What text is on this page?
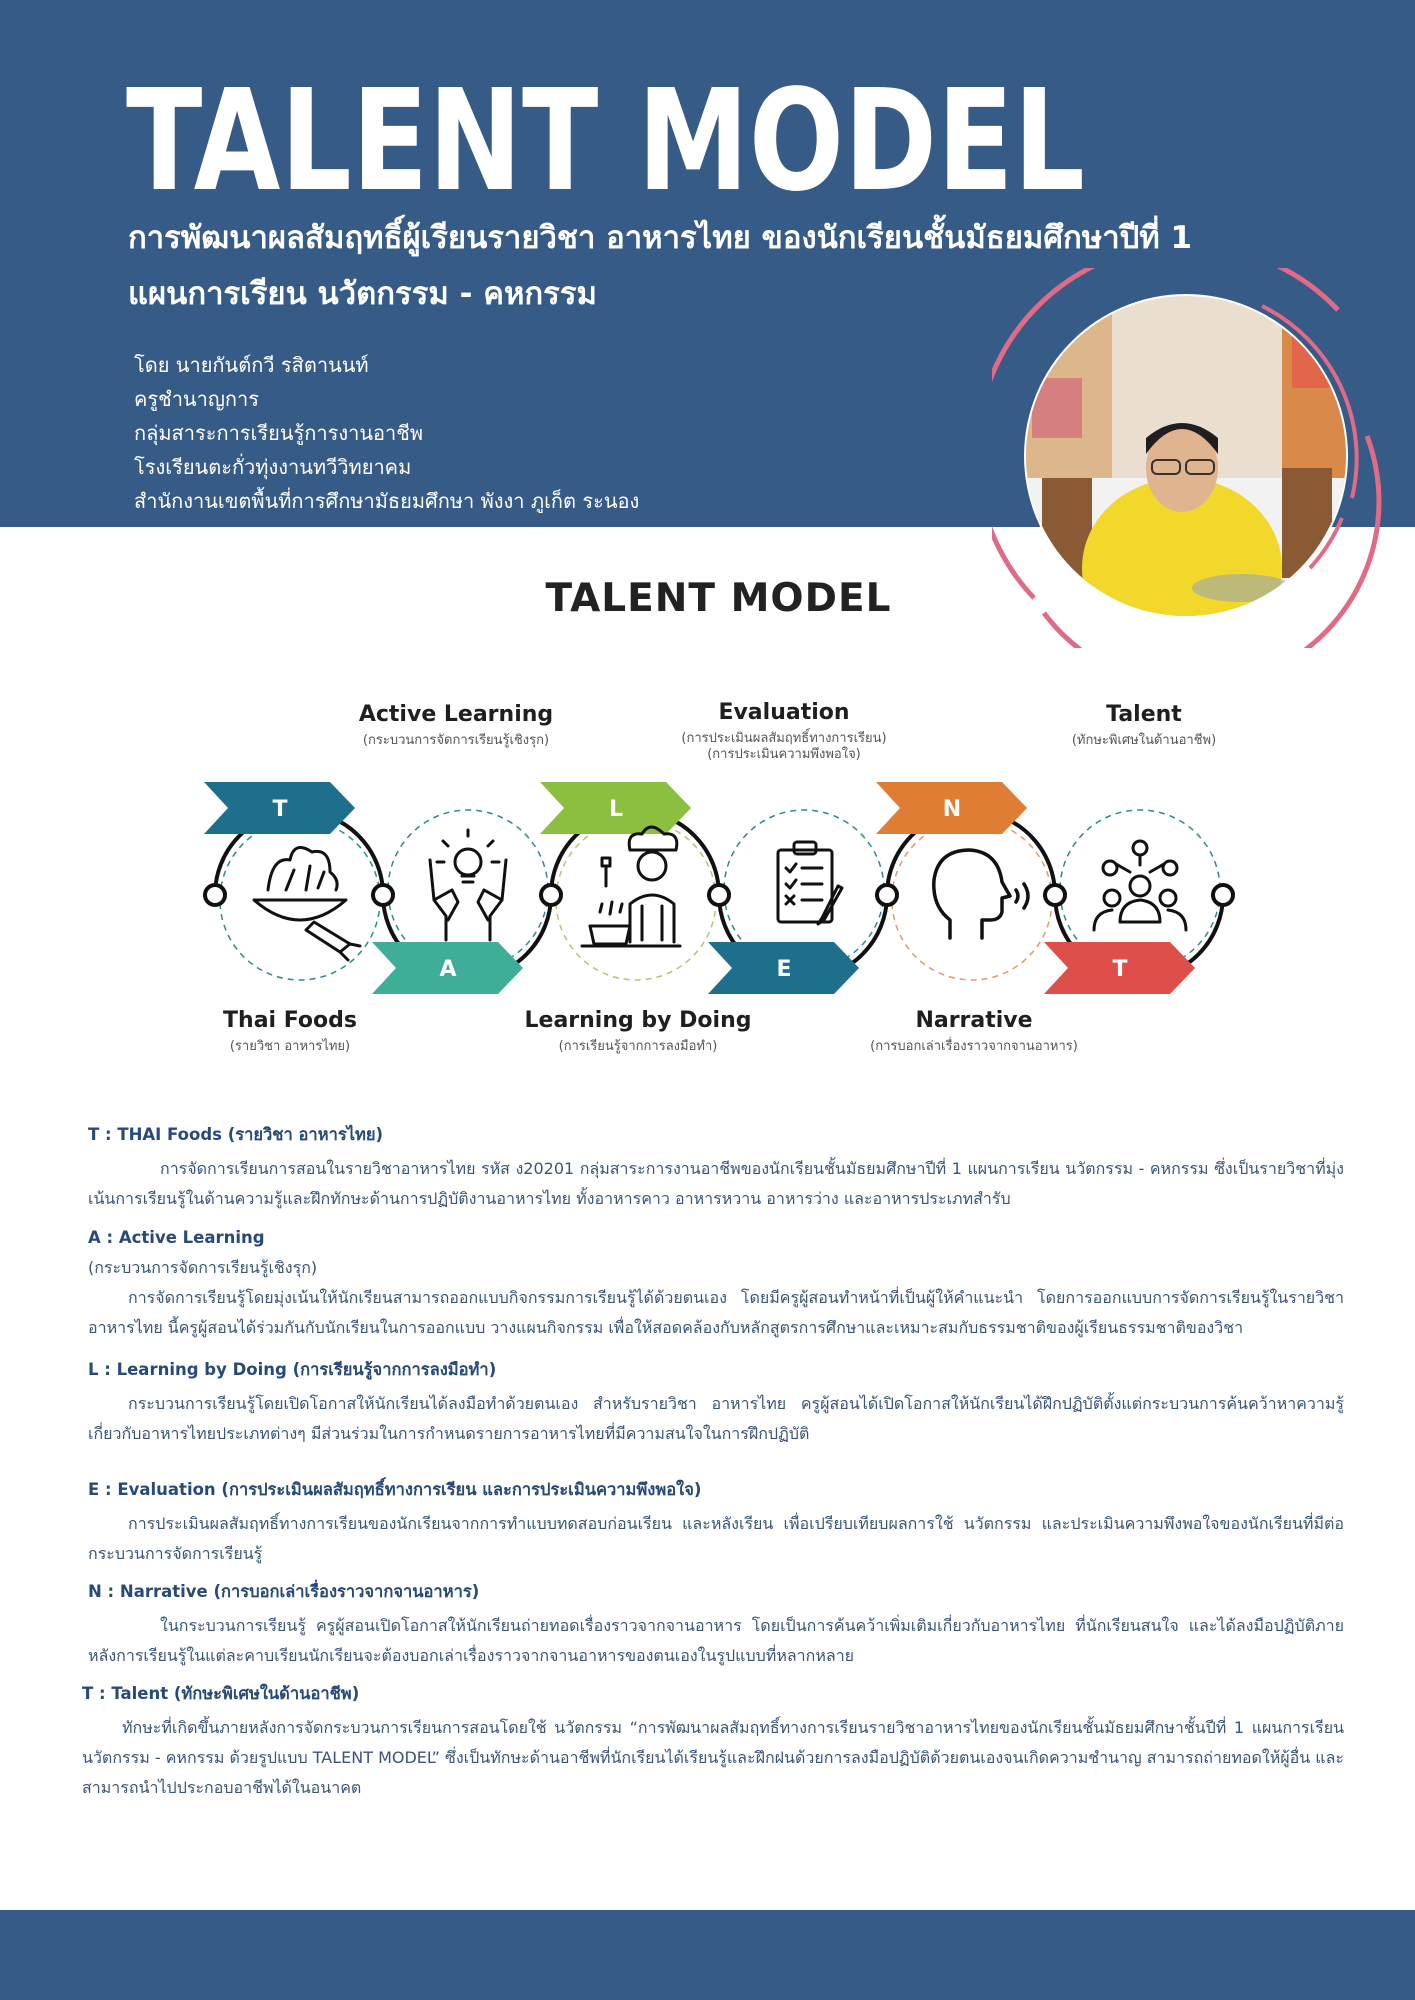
TALENT MODEL
การพัฒนาผลสัมฤทธิ์ผู้เรียนรายวิชา อาหารไทย ของนักเรียนชั้นมัธยมศึกษาปีที่ 1
แผนการเรียน นวัตกรรม - คหกรรม
โดย นายกันต์กวี รสิตานนท์
ครูชำนาญการ
กลุ่มสาระการเรียนรู้การงานอาชีพ
โรงเรียนตะกั่วทุ่งงานทวีวิทยาคม
สำนักงานเขตพื้นที่การศึกษามัธยมศึกษา พังงา ภูเก็ต ระนอง
TALENT MODEL
T
A
L
E
N
T
Active Learning
(กระบวนการจัดการเรียนรู้เชิงรุก)
Evaluation
(การประเมินผลสัมฤทธิ์ทางการเรียน)
(การประเมินความพึงพอใจ)
Talent
(ทักษะพิเศษในด้านอาชีพ)
Thai Foods
(รายวิชา อาหารไทย)
Learning by Doing
(การเรียนรู้จากการลงมือทำ)
Narrative
(การบอกเล่าเรื่องราวจากจานอาหาร)

T : THAI Foods (รายวิชา อาหารไทย)

การจัดการเรียนการสอนในรายวิชาอาหารไทย รหัส ง20201 กลุ่มสาระการงานอาชีพของนักเรียนชั้นมัธยมศึกษาปีที่ 1 แผนการเรียน นวัตกรรม - คหกรรม ซึ่งเป็นรายวิชาที่มุ่งเน้นการเรียนรู้ในด้านความรู้และฝึกทักษะด้านการปฏิบัติงานอาหารไทย ทั้งอาหารคาว อาหารหวาน อาหารว่าง และอาหารประเภทสำรับ

A : Active Learning

(กระบวนการจัดการเรียนรู้เชิงรุก)

การจัดการเรียนรู้โดยมุ่งเน้นให้นักเรียนสามารถออกแบบกิจกรรมการเรียนรู้ได้ด้วยตนเอง โดยมีครูผู้สอนทำหน้าที่เป็นผู้ให้คำแนะนำ โดยการออกแบบการจัดการเรียนรู้ในรายวิชา อาหารไทย นี้ครูผู้สอนได้ร่วมกันกับนักเรียนในการออกแบบ วางแผนกิจกรรม เพื่อให้สอดคล้องกับหลักสูตรการศึกษาและเหมาะสมกับธรรมชาติของผู้เรียนธรรมชาติของวิชา

L : Learning by Doing (การเรียนรู้จากการลงมือทำ)

กระบวนการเรียนรู้โดยเปิดโอกาสให้นักเรียนได้ลงมือทำด้วยตนเอง สำหรับรายวิชา อาหารไทย ครูผู้สอนได้เปิดโอกาสให้นักเรียนได้ฝึกปฏิบัติตั้งแต่กระบวนการค้นคว้าหาความรู้เกี่ยวกับอาหารไทยประเภทต่างๆ มีส่วนร่วมในการกำหนดรายการอาหารไทยที่มีความสนใจในการฝึกปฏิบัติ

E : Evaluation (การประเมินผลสัมฤทธิ์ทางการเรียน และการประเมินความพึงพอใจ)

การประเมินผลสัมฤทธิ์ทางการเรียนของนักเรียนจากการทำแบบทดสอบก่อนเรียน และหลังเรียน เพื่อเปรียบเทียบผลการใช้ นวัตกรรม และประเมินความพึงพอใจของนักเรียนที่มีต่อกระบวนการจัดการเรียนรู้

N : Narrative (การบอกเล่าเรื่องราวจากจานอาหาร)

ในกระบวนการเรียนรู้ ครูผู้สอนเปิดโอกาสให้นักเรียนถ่ายทอดเรื่องราวจากจานอาหาร โดยเป็นการค้นคว้าเพิ่มเติมเกี่ยวกับอาหารไทย ที่นักเรียนสนใจ และได้ลงมือปฏิบัติภายหลังการเรียนรู้ในแต่ละคาบเรียนนักเรียนจะต้องบอกเล่าเรื่องราวจากจานอาหารของตนเองในรูปแบบที่หลากหลาย

T : Talent (ทักษะพิเศษในด้านอาชีพ)

ทักษะที่เกิดขึ้นภายหลังการจัดกระบวนการเรียนการสอนโดยใช้ นวัตกรรม “การพัฒนาผลสัมฤทธิ์ทางการเรียนรายวิชาอาหารไทยของนักเรียนชั้นมัธยมศึกษาชั้นปีที่ 1 แผนการเรียน นวัตกรรม - คหกรรม ด้วยรูปแบบ TALENT MODEL” ซึ่งเป็นทักษะด้านอาชีพที่นักเรียนได้เรียนรู้และฝึกฝนด้วยการลงมือปฏิบัติด้วยตนเองจนเกิดความชำนาญ สามารถถ่ายทอดให้ผู้อื่น และสามารถนำไปประกอบอาชีพได้ในอนาคต
